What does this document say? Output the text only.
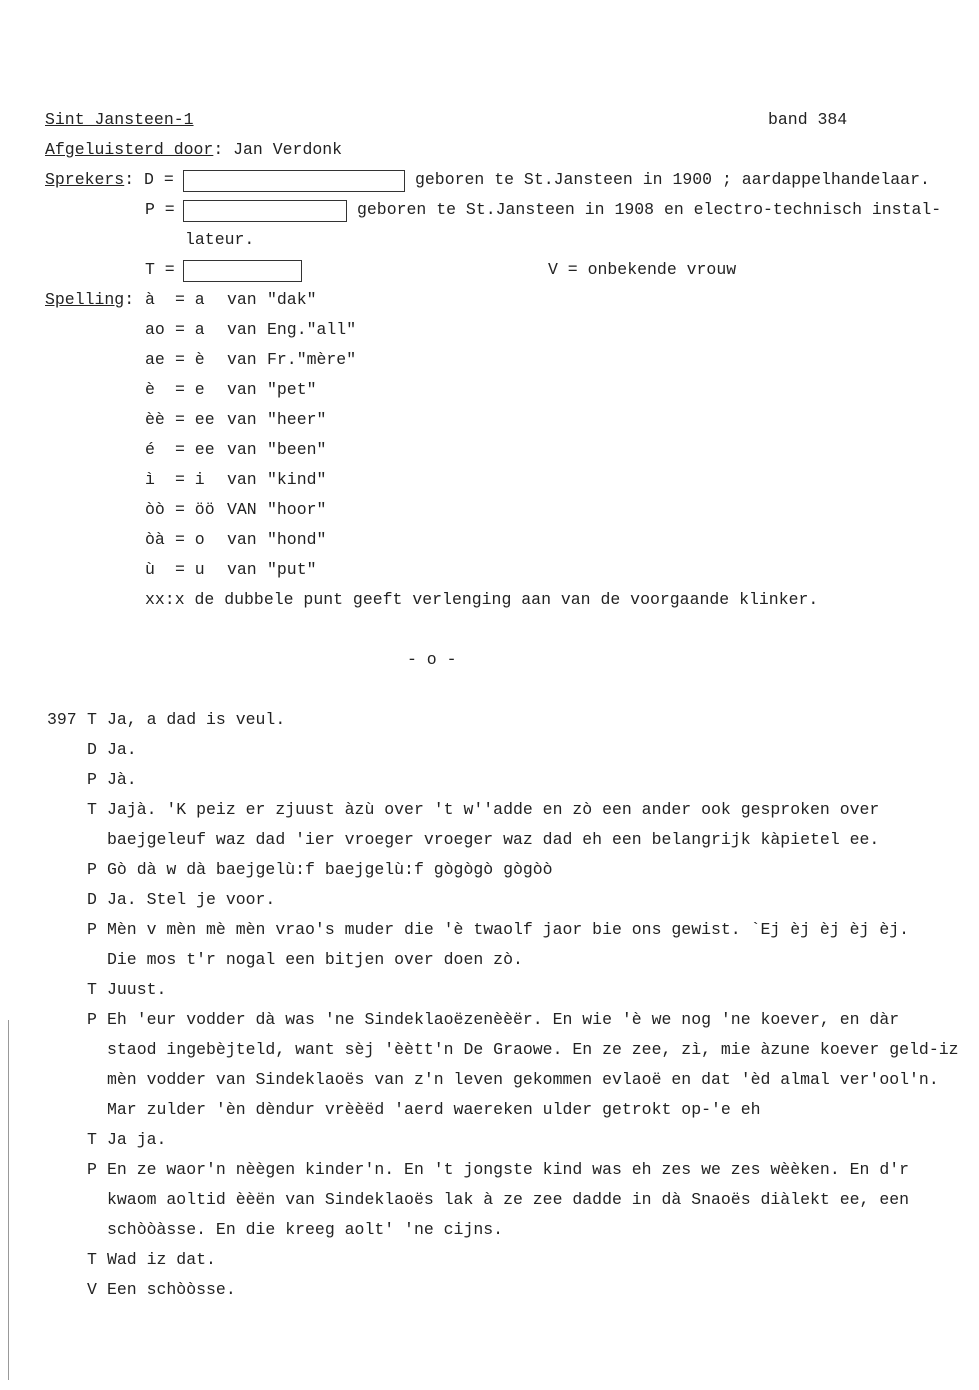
Sint Jansteen-1	band 384
Afgeluisterd door: Jan Verdonk
Sprekers: D =	geboren te St.Jansteen in 1900 ; aardappelhandelaar.
P =	geboren te St.Jansteen in 1908 en electro-technisch instal-
lateur.
T =	V = onbekende vrouw
Spelling: à = a van "dak"
ao = a van Eng."all"
ae = è van Fr."mère"
è = e van "pet"
èè = ee van "heer"
é = ee van "been"
ì = i van "kind"
òò = öö VAN "hoor"
òà = o van "hond"
ù = u van "put"
xx:x de dubbele punt geeft verlenging aan van de voorgaande klinker.
- o -
397 T Ja, a dad is veul.
D Ja.
P Jà.
T Jajà. 'K peiz er zjuust àzù over 't w''adde en zò een ander ook gesproken over
baejgeleuf waz dad 'ier vroeger vroeger waz dad eh een belangrijk kàpietel ee.
P Gò dà w dà baejgelù:f baejgelù:f gògògò gògòò
D Ja. Stel je voor.
P Mèn v mèn mè mèn vrao's muder die 'è twaolf jaor bie ons gewist. `Ej èj èj èj èj.
Die mos t'r nogal een bitjen over doen zò.
T Juust.
P Eh 'eur vodder dà was 'ne Sindeklaoëzenèèër. En wie 'è we nog 'ne koever, en dàr
staod ingebèjteld, want sèj 'èètt'n De Graowe. En ze zee, zì, mie àzune koever geld-iz
mèn vodder van Sindeklaoës van z'n leven gekommen evlaoë en dat 'èd almal ver'ool'n.
Mar zulder 'èn dèndur vrèèëd 'aerd waereken ulder getrokt op-'e eh
T Ja ja.
P En ze waor'n nèègen kinder'n. En 't jongste kind was eh zes we zes wèèken. En d'r
kwaom aoltid èèën van Sindeklaoës lak à ze zee dadde in dà Snaoës diàlekt ee, een
schòòàsse. En die kreeg aolt' 'ne cijns.
T Wad iz dat.
V Een schòòsse.
